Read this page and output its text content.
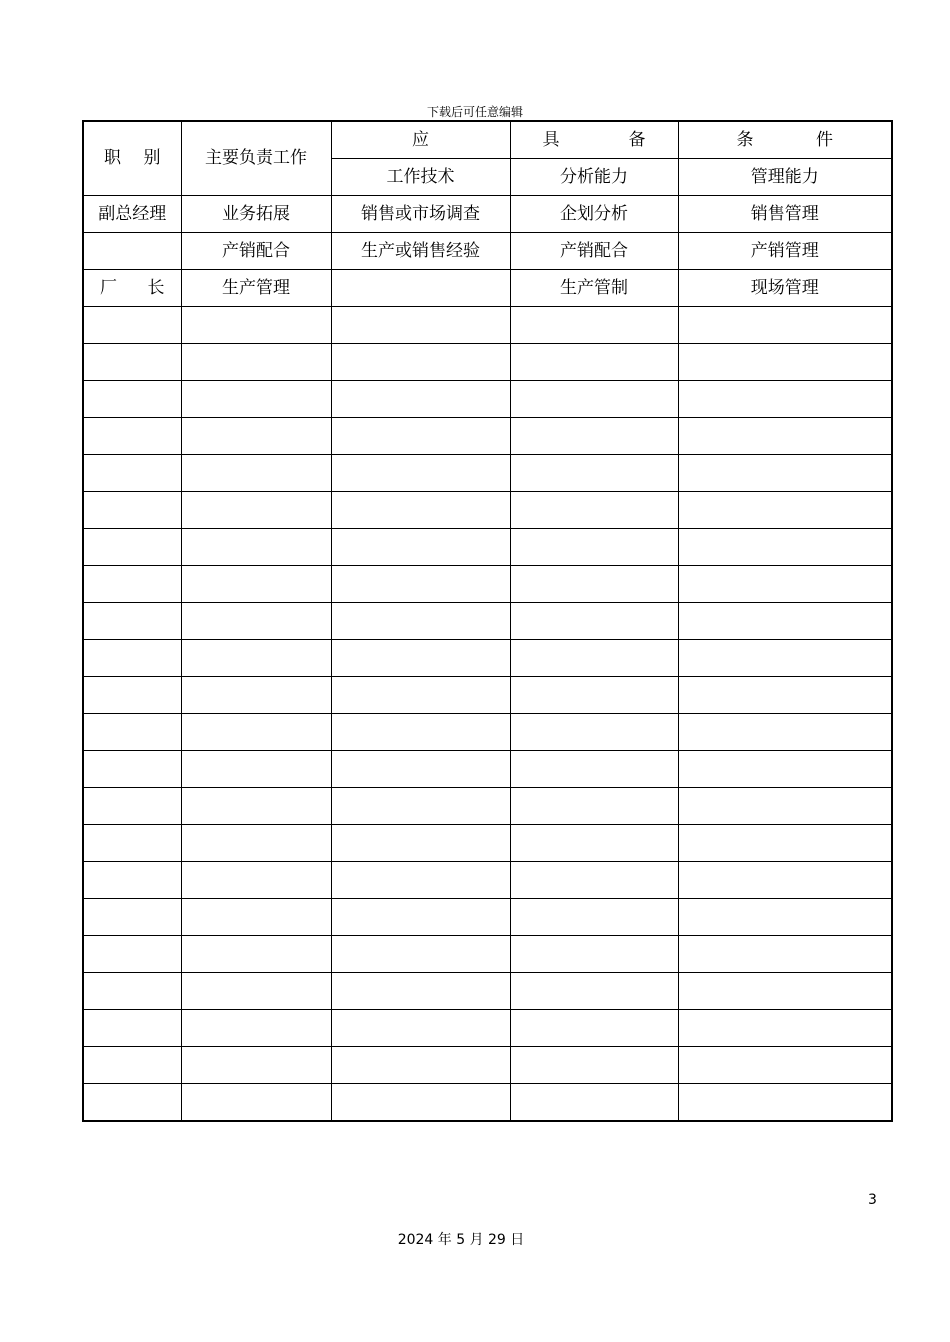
下载后可任意编辑
职 别	主要负责工作	应	具 备	条 件

		工作技术	分析能力	管理能力
副总经理	业务拓展	销售或市场调查	企划分析	销售管理
	产销配合	生产或销售经验	产销配合	产销管理

厂 长	生产管理		生产管制	现场管理

3
2024 年 5 月 29 日
